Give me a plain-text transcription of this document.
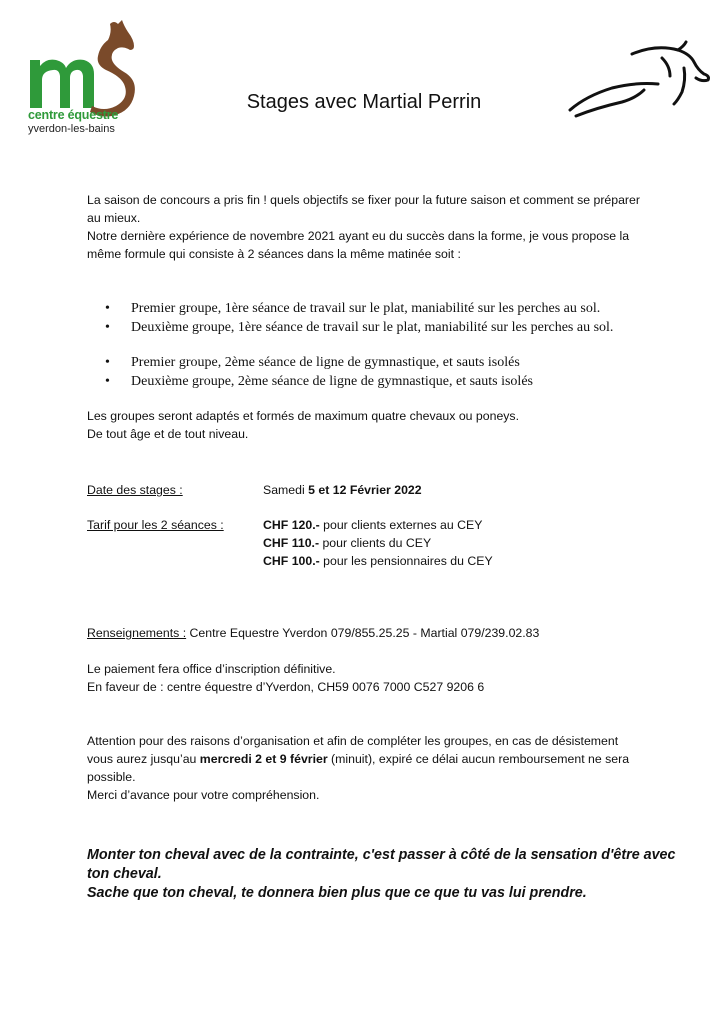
centre équestre
yverdon-les-bains
Stages avec Martial Perrin

La saison de concours a pris fin ! quels objectifs se fixer pour la future saison et comment se préparer au mieux.

Notre dernière expérience de novembre 2021 ayant eu du succès dans la forme, je vous propose la même formule qui consiste à 2 séances dans la même matinée soit :

• Premier groupe, 1ère séance de travail sur le plat, maniabilité sur les perches au sol.
• Deuxième groupe, 1ère séance de travail sur le plat, maniabilité sur les perches au sol.
• Premier groupe, 2ème séance de ligne de gymnastique, et sauts isolés
• Deuxième groupe, 2ème séance de ligne de gymnastique, et sauts isolés

Les groupes seront adaptés et formés de maximum quatre chevaux ou poneys.

De tout âge et de tout niveau.

Date des stages :	Samedi 5 et 12 Février 2022
Tarif pour les 2 séances :	CHF 120.- pour clients externes au CEY
CHF 110.- pour clients du CEY
CHF 100.- pour les pensionnaires du CEY
Renseignements : Centre Equestre Yverdon 079/855.25.25 - Martial 079/239.02.83

Le paiement fera office d’inscription définitive.

En faveur de : centre équestre d’Yverdon, CH59 0076 7000 C527 9206 6

Attention pour des raisons d’organisation et afin de compléter les groupes, en cas de désistement vous aurez jusqu’au mercredi 2 et 9 février (minuit), expiré ce délai aucun remboursement ne sera possible.

Merci d’avance pour votre compréhension.

Monter ton cheval avec de la contrainte, c'est passer à côté de la sensation d'être avec ton cheval.

Sache que ton cheval, te donnera bien plus que ce que tu vas lui prendre.
